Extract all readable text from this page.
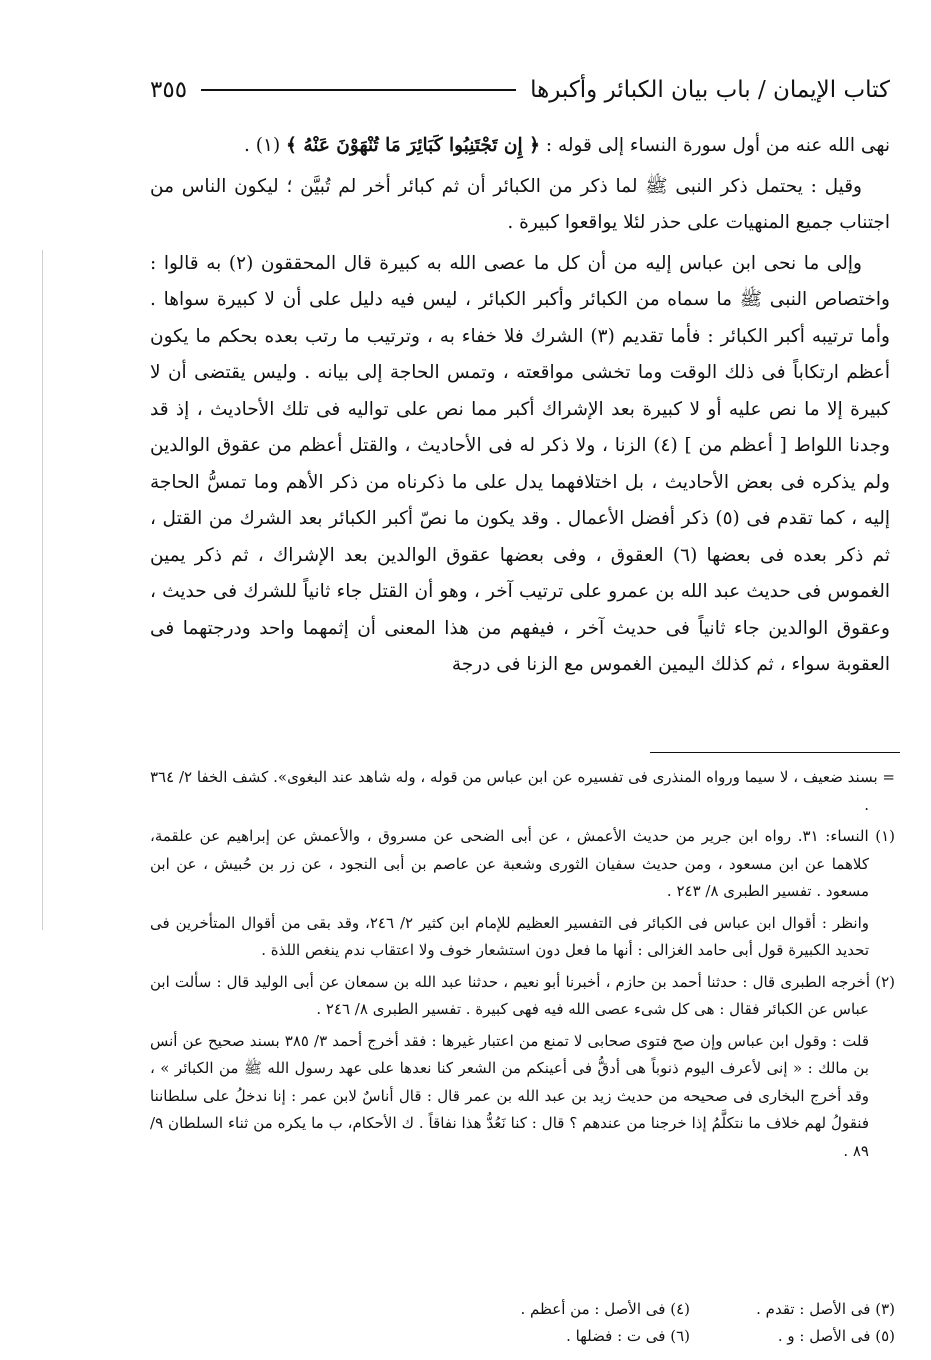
كتاب الإيمان / باب بيان الكبائر وأكبرها
٣٥٥

نهى الله عنه من أول سورة النساء إلى قوله : ﴿ إِن تَجْتَنِبُوا كَبَائِرَ مَا تُنْهَوْنَ عَنْهُ ﴾ (١) .

وقيل : يحتمل ذكر النبى ﷺ لما ذكر من الكبائر أن ثم كبائر أخر لم تُبيَّن ؛ ليكون الناس من اجتناب جميع المنهيات على حذر لئلا يواقعوا كبيرة .

وإلى ما نحى ابن عباس إليه من أن كل ما عصى الله به كبيرة قال المحققون (٢) به قالوا : واختصاص النبى ﷺ ما سماه من الكبائر وأكبر الكبائر ، ليس فيه دليل على أن لا كبيرة سواها . وأما ترتيبه أكبر الكبائر : فأما تقديم (٣) الشرك فلا خفاء به ، وترتيب ما رتب بعده بحكم ما يكون أعظم ارتكاباً فى ذلك الوقت وما تخشى مواقعته ، وتمس الحاجة إلى بيانه . وليس يقتضى أن لا كبيرة إلا ما نص عليه أو لا كبيرة بعد الإشراك أكبر مما نص على تواليه فى تلك الأحاديث ، إذ قد وجدنا اللواط [ أعظم من ] (٤) الزنا ، ولا ذكر له فى الأحاديث ، والقتل أعظم من عقوق الوالدين ولم يذكره فى بعض الأحاديث ، بل اختلافهما يدل على ما ذكرناه من ذكر الأهم وما تمسُّ الحاجة إليه ، كما تقدم فى (٥) ذكر أفضل الأعمال . وقد يكون ما نصّ أكبر الكبائر بعد الشرك من القتل ، ثم ذكر بعده فى بعضها (٦) العقوق ، وفى بعضها عقوق الوالدين بعد الإشراك ، ثم ذكر يمين الغموس فى حديث عبد الله بن عمرو على ترتيب آخر ، وهو أن القتل جاء ثانياً للشرك فى حديث ، وعقوق الوالدين جاء ثانياً فى حديث آخر ، فيفهم من هذا المعنى أن إثمهما واحد ودرجتهما فى العقوبة سواء ، ثم كذلك اليمين الغموس مع الزنا فى درجة

= بسند ضعيف ، لا سيما ورواه المنذرى فى تفسيره عن ابن عباس من قوله ، وله شاهد عند البغوى». كشف الخفا ٢/ ٣٦٤ .

(١) النساء: ٣١. رواه ابن جرير من حديث الأعمش ، عن أبى الضحى عن مسروق ، والأعمش عن إبراهيم عن علقمة، كلاهما عن ابن مسعود ، ومن حديث سفيان الثورى وشعبة عن عاصم بن أبى النجود ، عن زر بن حُبيش ، عن ابن مسعود . تفسير الطبرى ٨/ ٢٤٣ .

وانظر : أقوال ابن عباس فى الكبائر فى التفسير العظيم للإمام ابن كثير ٢/ ٢٤٦، وقد بقى من أقوال المتأخرين فى تحديد الكبيرة قول أبى حامد الغزالى : أنها ما فعل دون استشعار خوف ولا اعتقاب ندم ينغص اللذة .

(٢) أخرجه الطبرى قال : حدثنا أحمد بن حازم ، أخبرنا أبو نعيم ، حدثنا عبد الله بن سمعان عن أبى الوليد قال : سألت ابن عباس عن الكبائر فقال : هى كل شىء عصى الله فيه فهى كبيرة . تفسير الطبرى ٨/ ٢٤٦ .

قلت : وقول ابن عباس وإن صح فتوى صحابى لا تمنع من اعتبار غيرها : فقد أخرج أحمد ٣/ ٣٨٥ بسند صحيح عن أنس بن مالك : « إنى لأعرف اليوم ذنوباً هى أدقُّ فى أعينكم من الشعر كنا نعدها على عهد رسول الله ﷺ من الكبائر » ، وقد أخرج البخارى فى صحيحه من حديث زيد بن عبد الله بن عمر قال : قال أناسٌ لابن عمر : إنا ندخلُ على سلطاننا فنقولُ لهم خلاف ما نتكلَّمُ إذا خرجنا من عندهم ؟ قال : كنا نَعُدُّ هذا نفاقاً . ك الأحكام، ب ما يكره من ثناء السلطان ٩/ ٨٩ .

(٣) فى الأصل : تقدم .
(٤) فى الأصل : من أعظم .
(٥) فى الأصل : و .
(٦) فى ت : فضلها .
